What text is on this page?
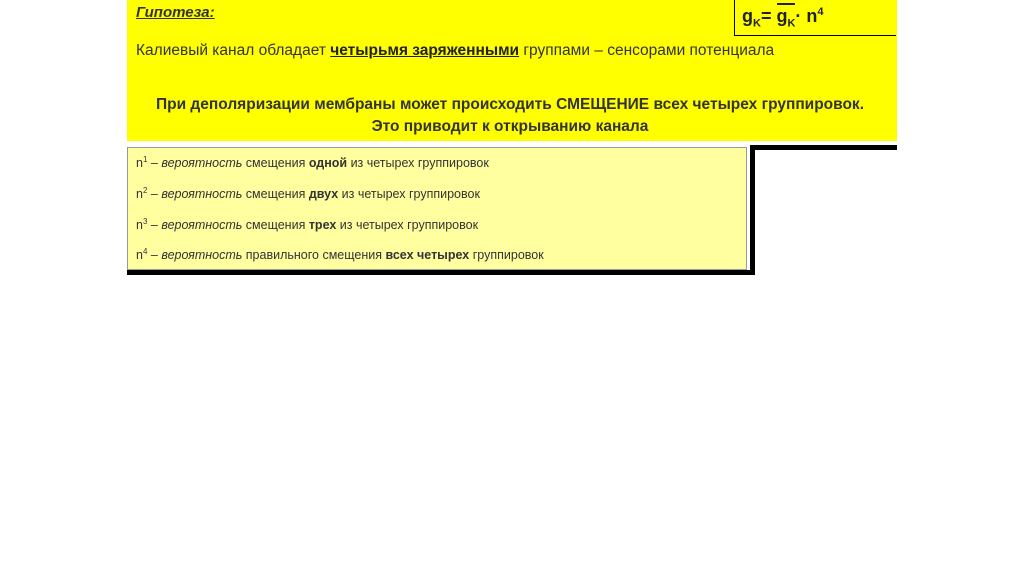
Гипотеза:	$g_K= g_K\cdot n^4$
Калиевый канал обладает четырьмя заряженными группами – сенсорами потенциала
При деполяризации мембраны может происходить СМЕЩЕНИЕ всех четырех группировок. Это приводит к открыванию канала
$n^1$ – вероятность смещения одной из четырех группировок
$n^2$ – вероятность смещения двух из четырех группировок
$n^3$ – вероятность смещения трех из четырех группировок
$n^4$ – вероятность правильного смещения всех четырех группировок
